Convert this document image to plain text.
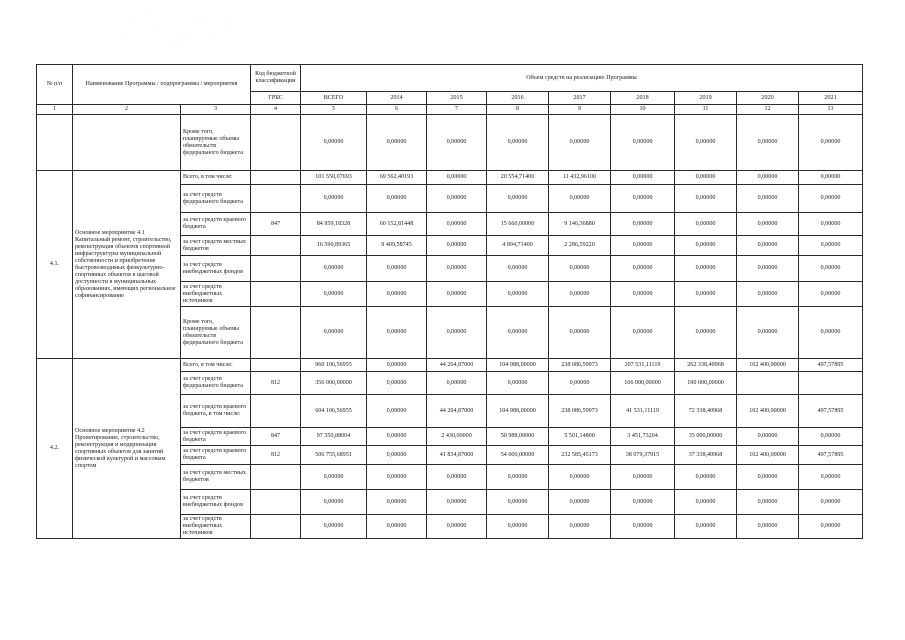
№ п/п	Наименование Программы / подпрограммы / мероприятия		Код бюджетной классификации	Объем средств на реализацию Программы								
			ГРБС	ВСЕГО	2014	2015	2016	2017	2018	2019	2020	2021
1	2	3	4	5	6	7	8	9	10	11	12	13
		Кроме того, планируемые объемы обязательств федерального бюджета		0,00000	0,00000	0,00000	0,00000	0,00000	0,00000	0,00000	0,00000	0,00000
4.1.	Основное мероприятие 4.1 Капитальный ремонт, строительство, реконструкция объектов спортивной инфраструктуры муниципальной собственности и приобретение быстровозводимых физкультурно-спортивных объектов в шаговой доступности в муниципальных образованиях, имеющих региональное софинансирование	Всего, в том числе:		101 550,07693	69 562,40193	0,00000	20 554,71400	11 432,96100	0,00000	0,00000	0,00000	0,00000
		за счет средств федерального бюджета		0,00000	0,00000	0,00000	0,00000	0,00000	0,00000	0,00000	0,00000	0,00000
		за счет средств краевого бюджета	847	84 959,18328	60 152,81448	0,00000	15 660,00000	9 146,36880	0,00000	0,00000	0,00000	0,00000
		за счет средств местных бюджетов		16 590,89365	9 409,58745	0,00000	4 894,71400	2 286,59220	0,00000	0,00000	0,00000	0,00000
		за счет средств внебюджетных фондов		0,00000	0,00000	0,00000	0,00000	0,00000	0,00000	0,00000	0,00000	0,00000
		за счет средств внебюджетных источников		0,00000	0,00000	0,00000	0,00000	0,00000	0,00000	0,00000	0,00000	0,00000
		Кроме того, планируемые объемы обязательств федерального бюджета		0,00000	0,00000	0,00000	0,00000	0,00000	0,00000	0,00000	0,00000	0,00000
4.2.	Основное мероприятие 4.2 Проектирование, строительство, реконструкция и модернизация спортивных объектов для занятий физической культурой и массовым спортом	Всего, в том числе:		960 106,56955	0,00000	44 264,87000	104 988,00000	238 086,59973	207 531,11119	262 338,40968	102 400,00000	497,57895
		за счет средств федерального бюджета	812	356 000,00000	0,00000	0,00000	0,00000	0,00000	166 000,00000	190 000,00000		
		за счет средств краевого бюджета, в том числе:		604 106,56955	0,00000	44 264,87000	104 988,00000	238 086,59973	41 531,11119	72 338,40968	102 400,00000	497,57895
		за счет средств краевого бюджета	847	97 350,88004	0,00000	2 430,00000	50 988,00000	5 501,14800	3 451,73204	35 000,00000	0,00000	0,00000
		за счет средств краевого бюджета	812	506 755,68951	0,00000	41 834,87000	54 000,00000	232 585,45173	38 079,37915	37 338,40968	102 400,00000	497,57895
		за счет средств местных бюджетов		0,00000	0,00000	0,00000	0,00000	0,00000	0,00000	0,00000	0,00000	0,00000
		за счет средств внебюджетных фондов		0,00000	0,00000	0,00000	0,00000	0,00000	0,00000	0,00000	0,00000	0,00000
		за счет средств внебюджетных источников		0,00000	0,00000	0,00000	0,00000	0,00000	0,00000	0,00000	0,00000	0,00000
